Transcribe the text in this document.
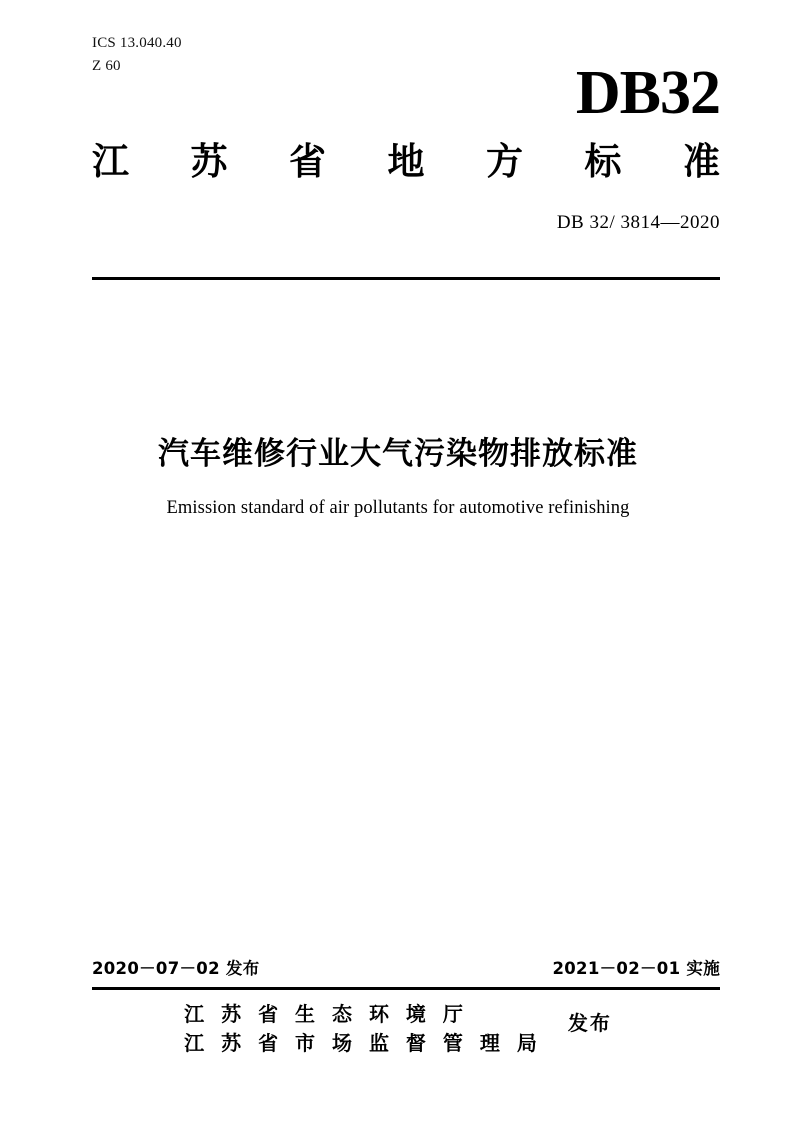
ICS 13.040.40
Z 60	DB32
江 苏 省 地 方 标 准
DB 32/ 3814—2020
汽车维修行业大气污染物排放标准
Emission standard of air pollutants for automotive refinishing
2020－07－02 发布	2021－02－01 实施
江 苏 省 生 态 环 境 厅
江 苏 省 市 场 监 督 管 理 局
发布
